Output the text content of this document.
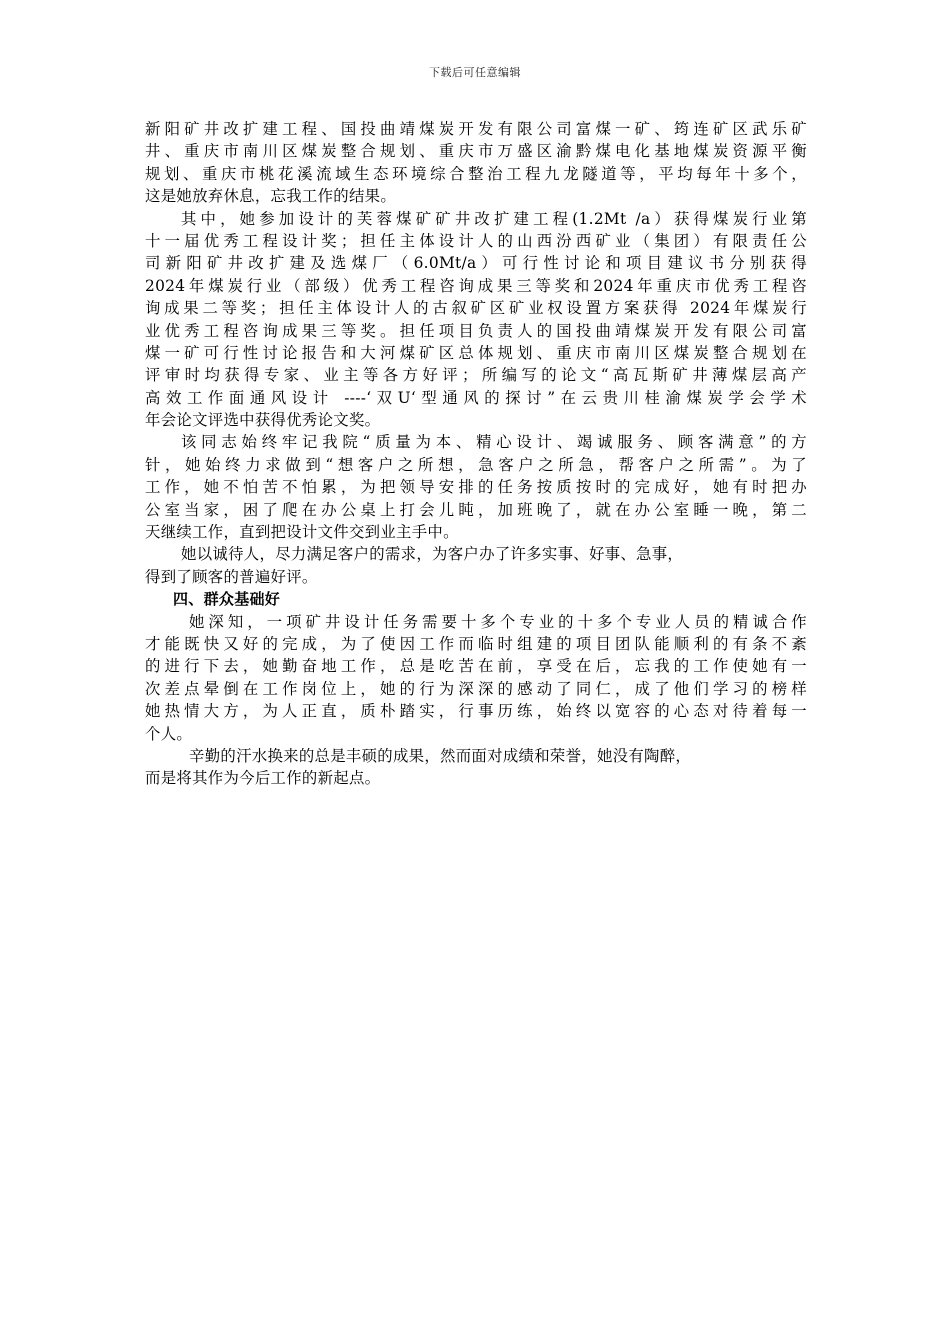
下载后可任意编辑
新阳矿井改扩建工程、国投曲靖煤炭开发有限公司富煤一矿、筠连矿区武乐矿
井、重庆市南川区煤炭整合规划、重庆市万盛区渝黔煤电化基地煤炭资源平衡
规划、重庆市桃花溪流域生态环境综合整治工程九龙隧道等，平均每年十多个，
这是她放弃休息，忘我工作的结果。
其中，她参加设计的芙蓉煤矿矿井改扩建工程(1.2Mt /a）获得煤炭行业第
十一届优秀工程设计奖；担任主体设计人的山西汾西矿业（集团）有限责任公
司新阳矿井改扩建及选煤厂（6.0Mt/a）可行性讨论和项目建议书分别获得
2024年煤炭行业（部级）优秀工程咨询成果三等奖和2024年重庆市优秀工程咨
询成果二等奖；担任主体设计人的古叙矿区矿业权设置方案获得 2024年煤炭行
业优秀工程咨询成果三等奖。担任项目负责人的国投曲靖煤炭开发有限公司富
煤一矿可行性讨论报告和大河煤矿区总体规划、重庆市南川区煤炭整合规划在
评审时均获得专家、业主等各方好评；所编写的论文“高瓦斯矿井薄煤层高产
高效工作面通风设计 ----‘双U‘型通风的探讨”在云贵川桂渝煤炭学会学术
年会论文评选中获得优秀论文奖。
该同志始终牢记我院“质量为本、精心设计、竭诚服务、顾客满意”的方
针，她始终力求做到“想客户之所想，急客户之所急，帮客户之所需”。为了
工作，她不怕苦不怕累，为把领导安排的任务按质按时的完成好，她有时把办
公室当家，困了爬在办公桌上打会儿盹，加班晚了，就在办公室睡一晚，第二
天继续工作，直到把设计文件交到业主手中。
她以诚待人，尽力满足客户的需求，为客户办了许多实事、好事、急事，
得到了顾客的普遍好评。
四、群众基础好
她深知，一项矿井设计任务需要十多个专业的十多个专业人员的精诚合作
才能既快又好的完成，为了使因工作而临时组建的项目团队能顺利的有条不紊
的进行下去，她勤奋地工作，总是吃苦在前，享受在后，忘我的工作使她有一
次差点晕倒在工作岗位上，她的行为深深的感动了同仁，成了他们学习的榜样
她热情大方，为人正直，质朴踏实，行事历练，始终以宽容的心态对待着每一
个人。
辛勤的汗水换来的总是丰硕的成果，然而面对成绩和荣誉，她没有陶醉，
而是将其作为今后工作的新起点。
